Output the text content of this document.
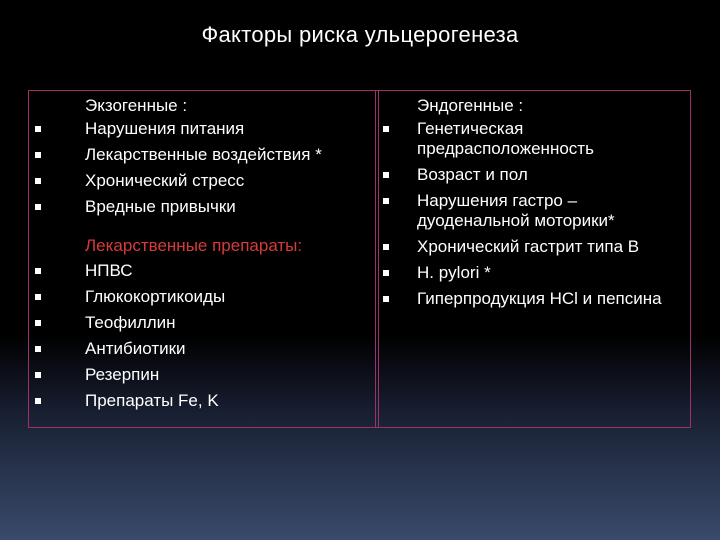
Факторы риска ульцерогенеза
Экзогенные :
Нарушения питания
Лекарственные воздействия *
Хронический стресс
Вредные привычки
Лекарственные препараты:
НПВС
Глюкокортикоиды
Теофиллин
Антибиотики
Резерпин
Препараты Fe, K
Эндогенные :
Генетическая предрасположенность
Возраст и пол
Нарушения гастро – дуоденальной моторики*
Хронический гастрит типа В
H. pylori *
Гиперпродукция HCl и пепсина
